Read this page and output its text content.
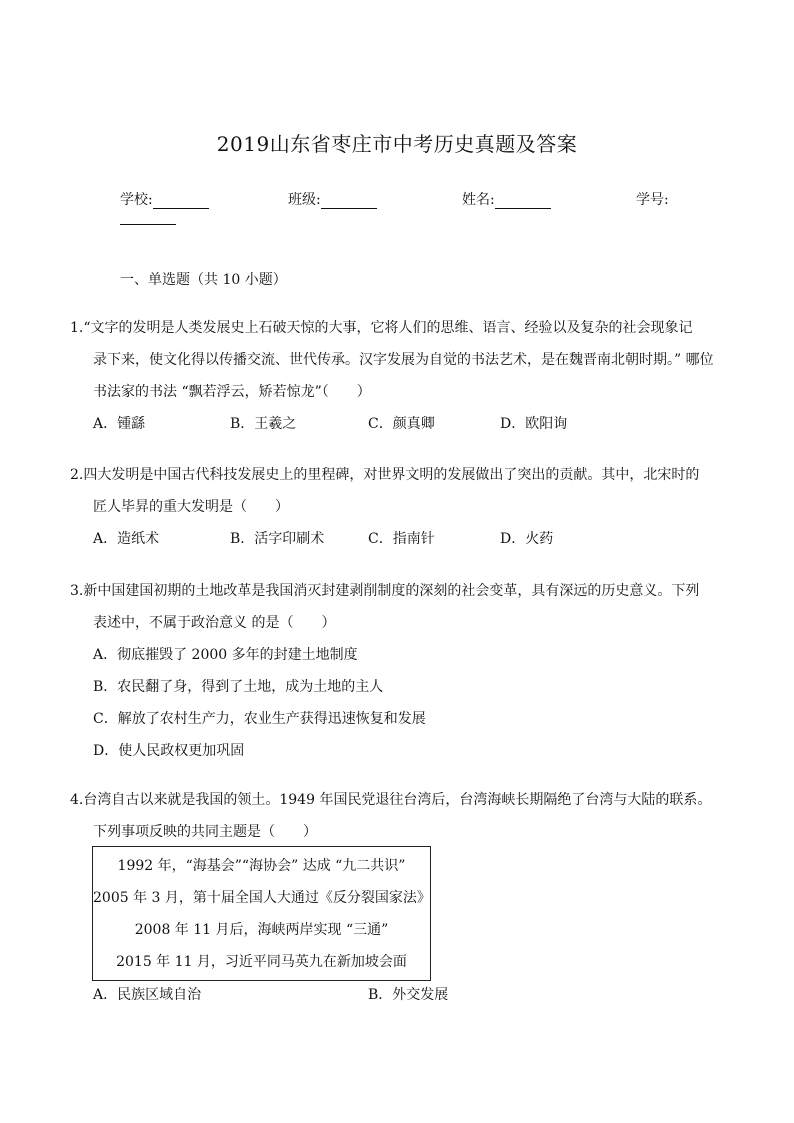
2019山东省枣庄市中考历史真题及答案
学校:	班级:	姓名:	学号:
一、单选题（共 10 小题）
1.“文字的发明是人类发展史上石破天惊的大事，它将人们的思维、语言、经验以及复杂的社会现象记
录下来，使文化得以传播交流、世代传承。汉字发展为自觉的书法艺术，是在魏晋南北朝时期。” 哪位
书法家的书法 “飘若浮云，矫若惊龙”（　　）
A．锺繇	B．王羲之	C．颜真卿	D．欧阳询
2.四大发明是中国古代科技发展史上的里程碑，对世界文明的发展做出了突出的贡献。其中，北宋时的
匠人毕昇的重大发明是（　　）
A．造纸术	B．活字印刷术	C．指南针	D．火药
3.新中国建国初期的土地改革是我国消灭封建剥削制度的深刻的社会变革，具有深远的历史意义。下列
表述中，不属于政治意义 的是（　　）
A．彻底摧毁了 2000 多年的封建土地制度
B．农民翻了身，得到了土地，成为土地的主人
C．解放了农村生产力，农业生产获得迅速恢复和发展
D．使人民政权更加巩固
4.台湾自古以来就是我国的领土。1949 年国民党退往台湾后，台湾海峡长期隔绝了台湾与大陆的联系。
下列事项反映的共同主题是（　　）
1992 年，“海基会”“海协会” 达成 “九二共识”
2005 年 3 月，第十届全国人大通过《反分裂国家法》
2008 年 11 月后，海峡两岸实现 “三通”
2015 年 11 月，习近平同马英九在新加坡会面
A．民族区域自治	B．外交发展
